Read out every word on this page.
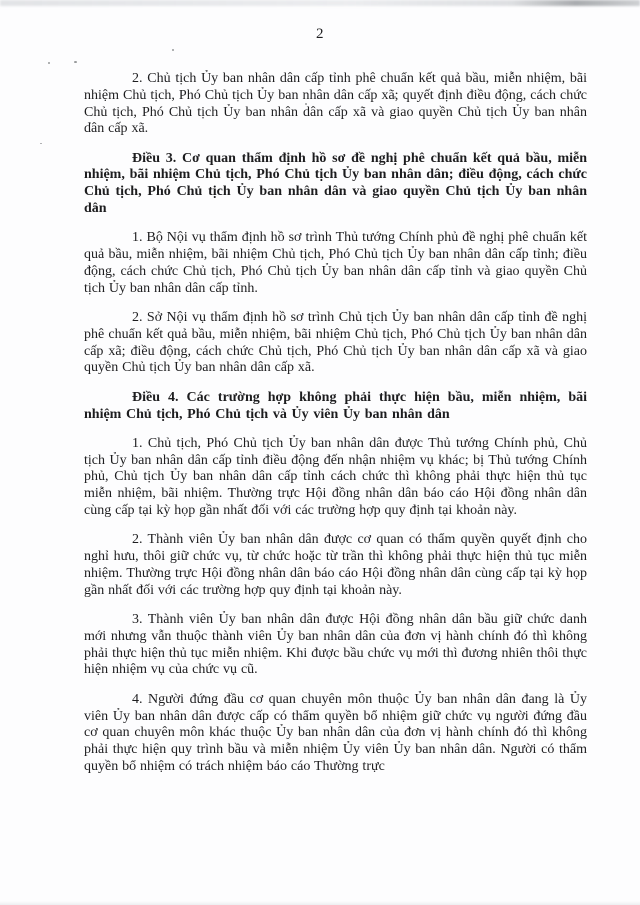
2

2. Chủ tịch Ủy ban nhân dân cấp tỉnh phê chuẩn kết quả bầu, miễn nhiệm, bãi nhiệm Chủ tịch, Phó Chủ tịch Ủy ban nhân dân cấp xã; quyết định điều động, cách chức Chủ tịch, Phó Chủ tịch Ủy ban nhân dân cấp xã và giao quyền Chủ tịch Ủy ban nhân dân cấp xã.

Điều 3. Cơ quan thẩm định hồ sơ đề nghị phê chuẩn kết quả bầu, miễn nhiệm, bãi nhiệm Chủ tịch, Phó Chủ tịch Ủy ban nhân dân; điều động, cách chức Chủ tịch, Phó Chủ tịch Ủy ban nhân dân và giao quyền Chủ tịch Ủy ban nhân dân

1. Bộ Nội vụ thẩm định hồ sơ trình Thủ tướng Chính phủ đề nghị phê chuẩn kết quả bầu, miễn nhiệm, bãi nhiệm Chủ tịch, Phó Chủ tịch Ủy ban nhân dân cấp tỉnh; điều động, cách chức Chủ tịch, Phó Chủ tịch Ủy ban nhân dân cấp tỉnh và giao quyền Chủ tịch Ủy ban nhân dân cấp tỉnh.

2. Sở Nội vụ thẩm định hồ sơ trình Chủ tịch Ủy ban nhân dân cấp tỉnh đề nghị phê chuẩn kết quả bầu, miễn nhiệm, bãi nhiệm Chủ tịch, Phó Chủ tịch Ủy ban nhân dân cấp xã; điều động, cách chức Chủ tịch, Phó Chủ tịch Ủy ban nhân dân cấp xã và giao quyền Chủ tịch Ủy ban nhân dân cấp xã.

Điều 4. Các trường hợp không phải thực hiện bầu, miễn nhiệm, bãi nhiệm Chủ tịch, Phó Chủ tịch và Ủy viên Ủy ban nhân dân

1. Chủ tịch, Phó Chủ tịch Ủy ban nhân dân được Thủ tướng Chính phủ, Chủ tịch Ủy ban nhân dân cấp tỉnh điều động đến nhận nhiệm vụ khác; bị Thủ tướng Chính phủ, Chủ tịch Ủy ban nhân dân cấp tỉnh cách chức thì không phải thực hiện thủ tục miễn nhiệm, bãi nhiệm. Thường trực Hội đồng nhân dân báo cáo Hội đồng nhân dân cùng cấp tại kỳ họp gần nhất đối với các trường hợp quy định tại khoản này.

2. Thành viên Ủy ban nhân dân được cơ quan có thẩm quyền quyết định cho nghỉ hưu, thôi giữ chức vụ, từ chức hoặc từ trần thì không phải thực hiện thủ tục miễn nhiệm. Thường trực Hội đồng nhân dân báo cáo Hội đồng nhân dân cùng cấp tại kỳ họp gần nhất đối với các trường hợp quy định tại khoản này.

3. Thành viên Ủy ban nhân dân được Hội đồng nhân dân bầu giữ chức danh mới nhưng vẫn thuộc thành viên Ủy ban nhân dân của đơn vị hành chính đó thì không phải thực hiện thủ tục miễn nhiệm. Khi được bầu chức vụ mới thì đương nhiên thôi thực hiện nhiệm vụ của chức vụ cũ.

4. Người đứng đầu cơ quan chuyên môn thuộc Ủy ban nhân dân đang là Ủy viên Ủy ban nhân dân được cấp có thẩm quyền bổ nhiệm giữ chức vụ người đứng đầu cơ quan chuyên môn khác thuộc Ủy ban nhân dân của đơn vị hành chính đó thì không phải thực hiện quy trình bầu và miễn nhiệm Ủy viên Ủy ban nhân dân. Người có thẩm quyền bổ nhiệm có trách nhiệm báo cáo Thường trực
